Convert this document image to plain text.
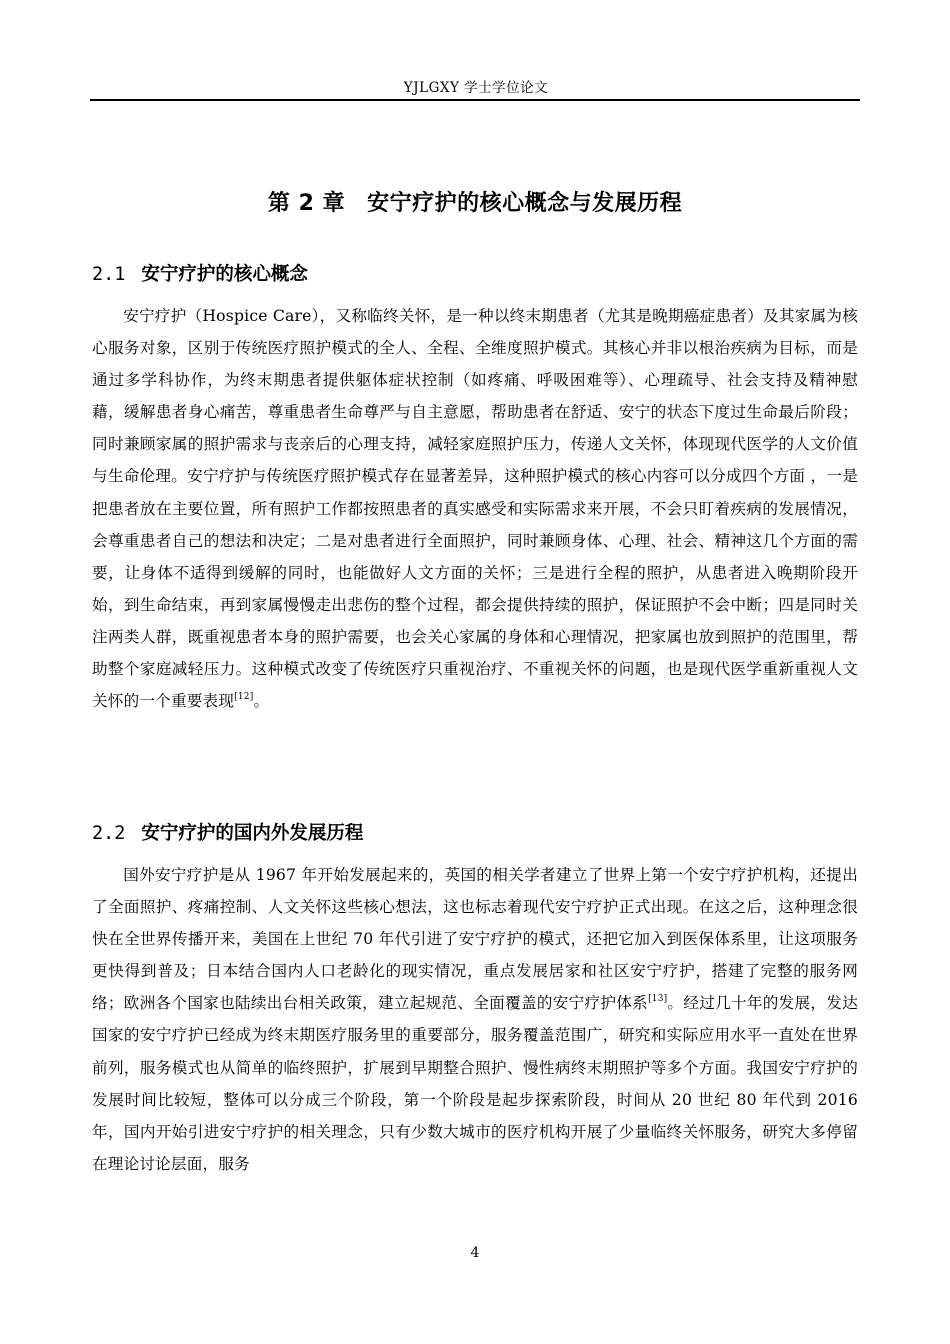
YJLGXY 学士学位论文
第 2 章 安宁疗护的核心概念与发展历程
2.1 安宁疗护的核心概念
安宁疗护（Hospice Care），又称临终关怀，是一种以终末期患者（尤其是晚期癌症患者）及其家属为核心服务对象，区别于传统医疗照护模式的全人、全程、全维度照护模式。其核心并非以根治疾病为目标，而是通过多学科协作，为终末期患者提供躯体症状控制（如疼痛、呼吸困难等）、心理疏导、社会支持及精神慰藉，缓解患者身心痛苦，尊重患者生命尊严与自主意愿，帮助患者在舒适、安宁的状态下度过生命最后阶段；同时兼顾家属的照护需求与丧亲后的心理支持，减轻家庭照护压力，传递人文关怀，体现现代医学的人文价值与生命伦理。安宁疗护与传统医疗照护模式存在显著差异，这种照护模式的核心内容可以分成四个方面 ，一是把患者放在主要位置，所有照护工作都按照患者的真实感受和实际需求来开展，不会只盯着疾病的发展情况，会尊重患者自己的想法和决定；二是对患者进行全面照护，同时兼顾身体、心理、社会、精神这几个方面的需要，让身体不适得到缓解的同时，也能做好人文方面的关怀；三是进行全程的照护，从患者进入晚期阶段开始，到生命结束，再到家属慢慢走出悲伤的整个过程，都会提供持续的照护，保证照护不会中断；四是同时关注两类人群，既重视患者本身的照护需要，也会关心家属的身体和心理情况，把家属也放到照护的范围里，帮助整个家庭减轻压力。这种模式改变了传统医疗只重视治疗、不重视关怀的问题，也是现代医学重新重视人文关怀的一个重要表现[12]。
2.2 安宁疗护的国内外发展历程
国外安宁疗护是从 1967 年开始发展起来的，英国的相关学者建立了世界上第一个安宁疗护机构，还提出了全面照护、疼痛控制、人文关怀这些核心想法，这也标志着现代安宁疗护正式出现。在这之后，这种理念很快在全世界传播开来，美国在上世纪 70 年代引进了安宁疗护的模式，还把它加入到医保体系里，让这项服务更快得到普及；日本结合国内人口老龄化的现实情况，重点发展居家和社区安宁疗护，搭建了完整的服务网络；欧洲各个国家也陆续出台相关政策，建立起规范、全面覆盖的安宁疗护体系[13]。经过几十年的发展，发达国家的安宁疗护已经成为终末期医疗服务里的重要部分，服务覆盖范围广，研究和实际应用水平一直处在世界前列，服务模式也从简单的临终照护，扩展到早期整合照护、慢性病终末期照护等多个方面。我国安宁疗护的发展时间比较短，整体可以分成三个阶段，第一个阶段是起步探索阶段，时间从 20 世纪 80 年代到 2016 年，国内开始引进安宁疗护的相关理念，只有少数大城市的医疗机构开展了少量临终关怀服务，研究大多停留在理论讨论层面，服务
4
